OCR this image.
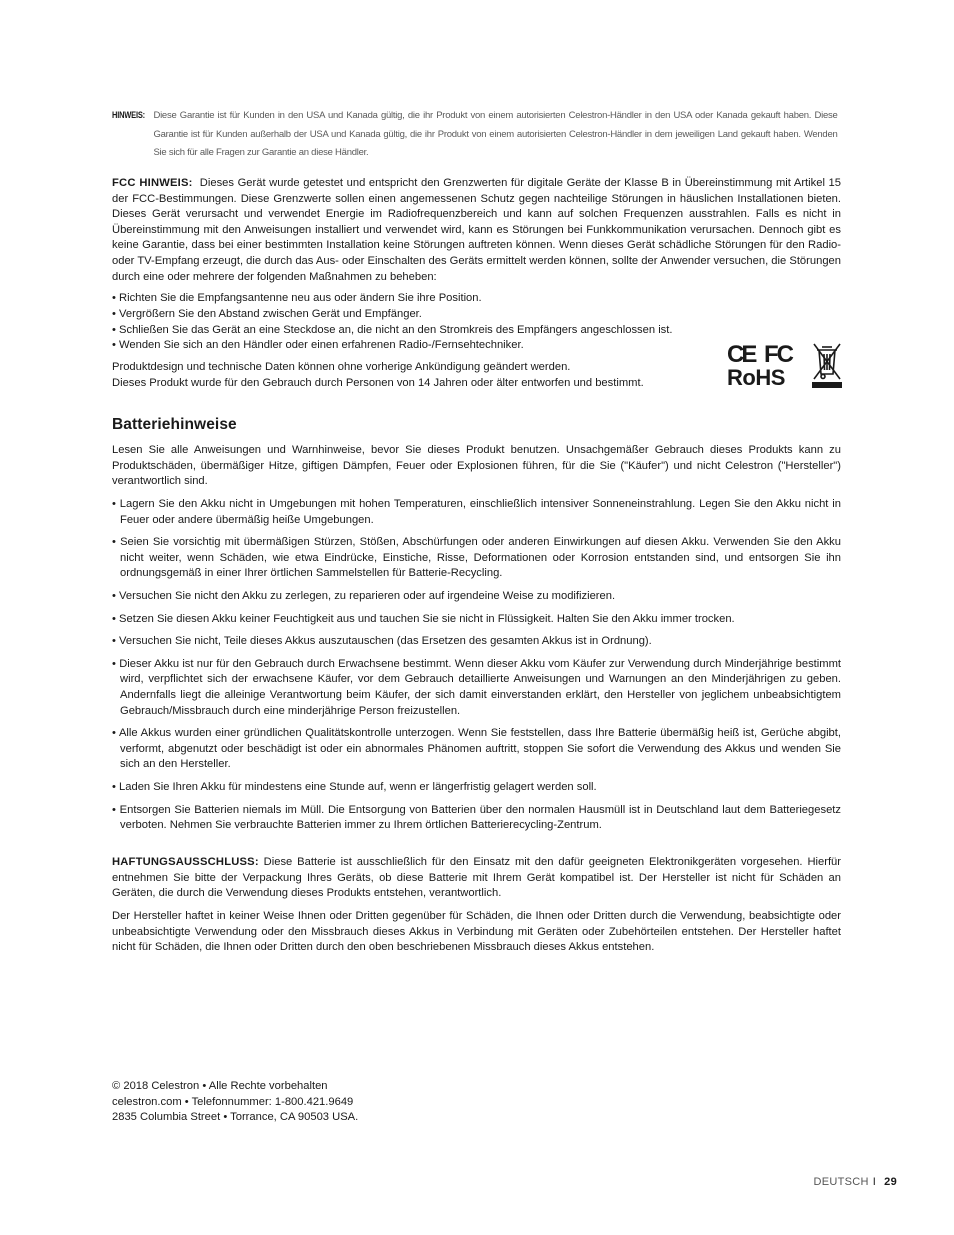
HINWEIS: Diese Garantie ist für Kunden in den USA und Kanada gültig, die ihr Produkt von einem autorisierten Celestron-Händler in den USA oder Kanada gekauft haben. Diese Garantie ist für Kunden außerhalb der USA und Kanada gültig, die ihr Produkt von einem autorisierten Celestron-Händler in dem jeweiligen Land gekauft haben. Wenden Sie sich für alle Fragen zur Garantie an diese Händler.
FCC HINWEIS: Dieses Gerät wurde getestet und entspricht den Grenzwerten für digitale Geräte der Klasse B in Übereinstimmung mit Artikel 15 der FCC-Bestimmungen. Diese Grenzwerte sollen einen angemessenen Schutz gegen nachteilige Störungen in häuslichen Installationen bieten. Dieses Gerät verursacht und verwendet Energie im Radiofrequenzbereich und kann auf solchen Frequenzen ausstrahlen. Falls es nicht in Übereinstimmung mit den Anweisungen installiert und verwendet wird, kann es Störungen bei Funkkommunikation verursachen. Dennoch gibt es keine Garantie, dass bei einer bestimmten Installation keine Störungen auftreten können. Wenn dieses Gerät schädliche Störungen für den Radio- oder TV-Empfang erzeugt, die durch das Aus- oder Einschalten des Geräts ermittelt werden können, sollte der Anwender versuchen, die Störungen durch eine oder mehrere der folgenden Maßnahmen zu beheben:
• Richten Sie die Empfangsantenne neu aus oder ändern Sie ihre Position.
• Vergrößern Sie den Abstand zwischen Gerät und Empfänger.
• Schließen Sie das Gerät an eine Steckdose an, die nicht an den Stromkreis des Empfängers angeschlossen ist.
• Wenden Sie sich an den Händler oder einen erfahrenen Radio-/Fernsehtechniker.

Produktdesign und technische Daten können ohne vorherige Ankündigung geändert werden.

Dieses Produkt wurde für den Gebrauch durch Personen von 14 Jahren oder älter entworfen und bestimmt.

CE FC
RoHS
Batteriehinweise
Lesen Sie alle Anweisungen und Warnhinweise, bevor Sie dieses Produkt benutzen. Unsachgemäßer Gebrauch dieses Produkts kann zu Produktschäden, übermäßiger Hitze, giftigen Dämpfen, Feuer oder Explosionen führen, für die Sie ("Käufer") und nicht Celestron ("Hersteller") verantwortlich sind.
• Lagern Sie den Akku nicht in Umgebungen mit hohen Temperaturen, einschließlich intensiver Sonneneinstrahlung. Legen Sie den Akku nicht in Feuer oder andere übermäßig heiße Umgebungen.
• Seien Sie vorsichtig mit übermäßigen Stürzen, Stößen, Abschürfungen oder anderen Einwirkungen auf diesen Akku. Verwenden Sie den Akku nicht weiter, wenn Schäden, wie etwa Eindrücke, Einstiche, Risse, Deformationen oder Korrosion entstanden sind, und entsorgen Sie ihn ordnungsgemäß in einer Ihrer örtlichen Sammelstellen für Batterie-Recycling.
• Versuchen Sie nicht den Akku zu zerlegen, zu reparieren oder auf irgendeine Weise zu modifizieren.
• Setzen Sie diesen Akku keiner Feuchtigkeit aus und tauchen Sie sie nicht in Flüssigkeit. Halten Sie den Akku immer trocken.
• Versuchen Sie nicht, Teile dieses Akkus auszutauschen (das Ersetzen des gesamten Akkus ist in Ordnung).
• Dieser Akku ist nur für den Gebrauch durch Erwachsene bestimmt. Wenn dieser Akku vom Käufer zur Verwendung durch Minderjährige bestimmt wird, verpflichtet sich der erwachsene Käufer, vor dem Gebrauch detaillierte Anweisungen und Warnungen an den Minderjährigen zu geben. Andernfalls liegt die alleinige Verantwortung beim Käufer, der sich damit einverstanden erklärt, den Hersteller von jeglichem unbeabsichtigtem Gebrauch/Missbrauch durch eine minderjährige Person freizustellen.
• Alle Akkus wurden einer gründlichen Qualitätskontrolle unterzogen. Wenn Sie feststellen, dass Ihre Batterie übermäßig heiß ist, Gerüche abgibt, verformt, abgenutzt oder beschädigt ist oder ein abnormales Phänomen auftritt, stoppen Sie sofort die Verwendung des Akkus und wenden Sie sich an den Hersteller.
• Laden Sie Ihren Akku für mindestens eine Stunde auf, wenn er längerfristig gelagert werden soll.
• Entsorgen Sie Batterien niemals im Müll. Die Entsorgung von Batterien über den normalen Hausmüll ist in Deutschland laut dem Batteriegesetz verboten. Nehmen Sie verbrauchte Batterien immer zu Ihrem örtlichen Batterierecycling-Zentrum.
HAFTUNGSAUSSCHLUSS: Diese Batterie ist ausschließlich für den Einsatz mit den dafür geeigneten Elektronikgeräten vorgesehen. Hierfür entnehmen Sie bitte der Verpackung Ihres Geräts, ob diese Batterie mit Ihrem Gerät kompatibel ist. Der Hersteller ist nicht für Schäden an Geräten, die durch die Verwendung dieses Produkts entstehen, verantwortlich.
Der Hersteller haftet in keiner Weise Ihnen oder Dritten gegenüber für Schäden, die Ihnen oder Dritten durch die Verwendung, beabsichtigte oder unbeabsichtigte Verwendung oder den Missbrauch dieses Akkus in Verbindung mit Geräten oder Zubehörteilen entstehen. Der Hersteller haftet nicht für Schäden, die Ihnen oder Dritten durch den oben beschriebenen Missbrauch dieses Akkus entstehen.

© 2018 Celestron • Alle Rechte vorbehalten

celestron.com • Telefonnummer: 1-800.421.9649

2835 Columbia Street • Torrance, CA 90503 USA.

DEUTSCH I 29
